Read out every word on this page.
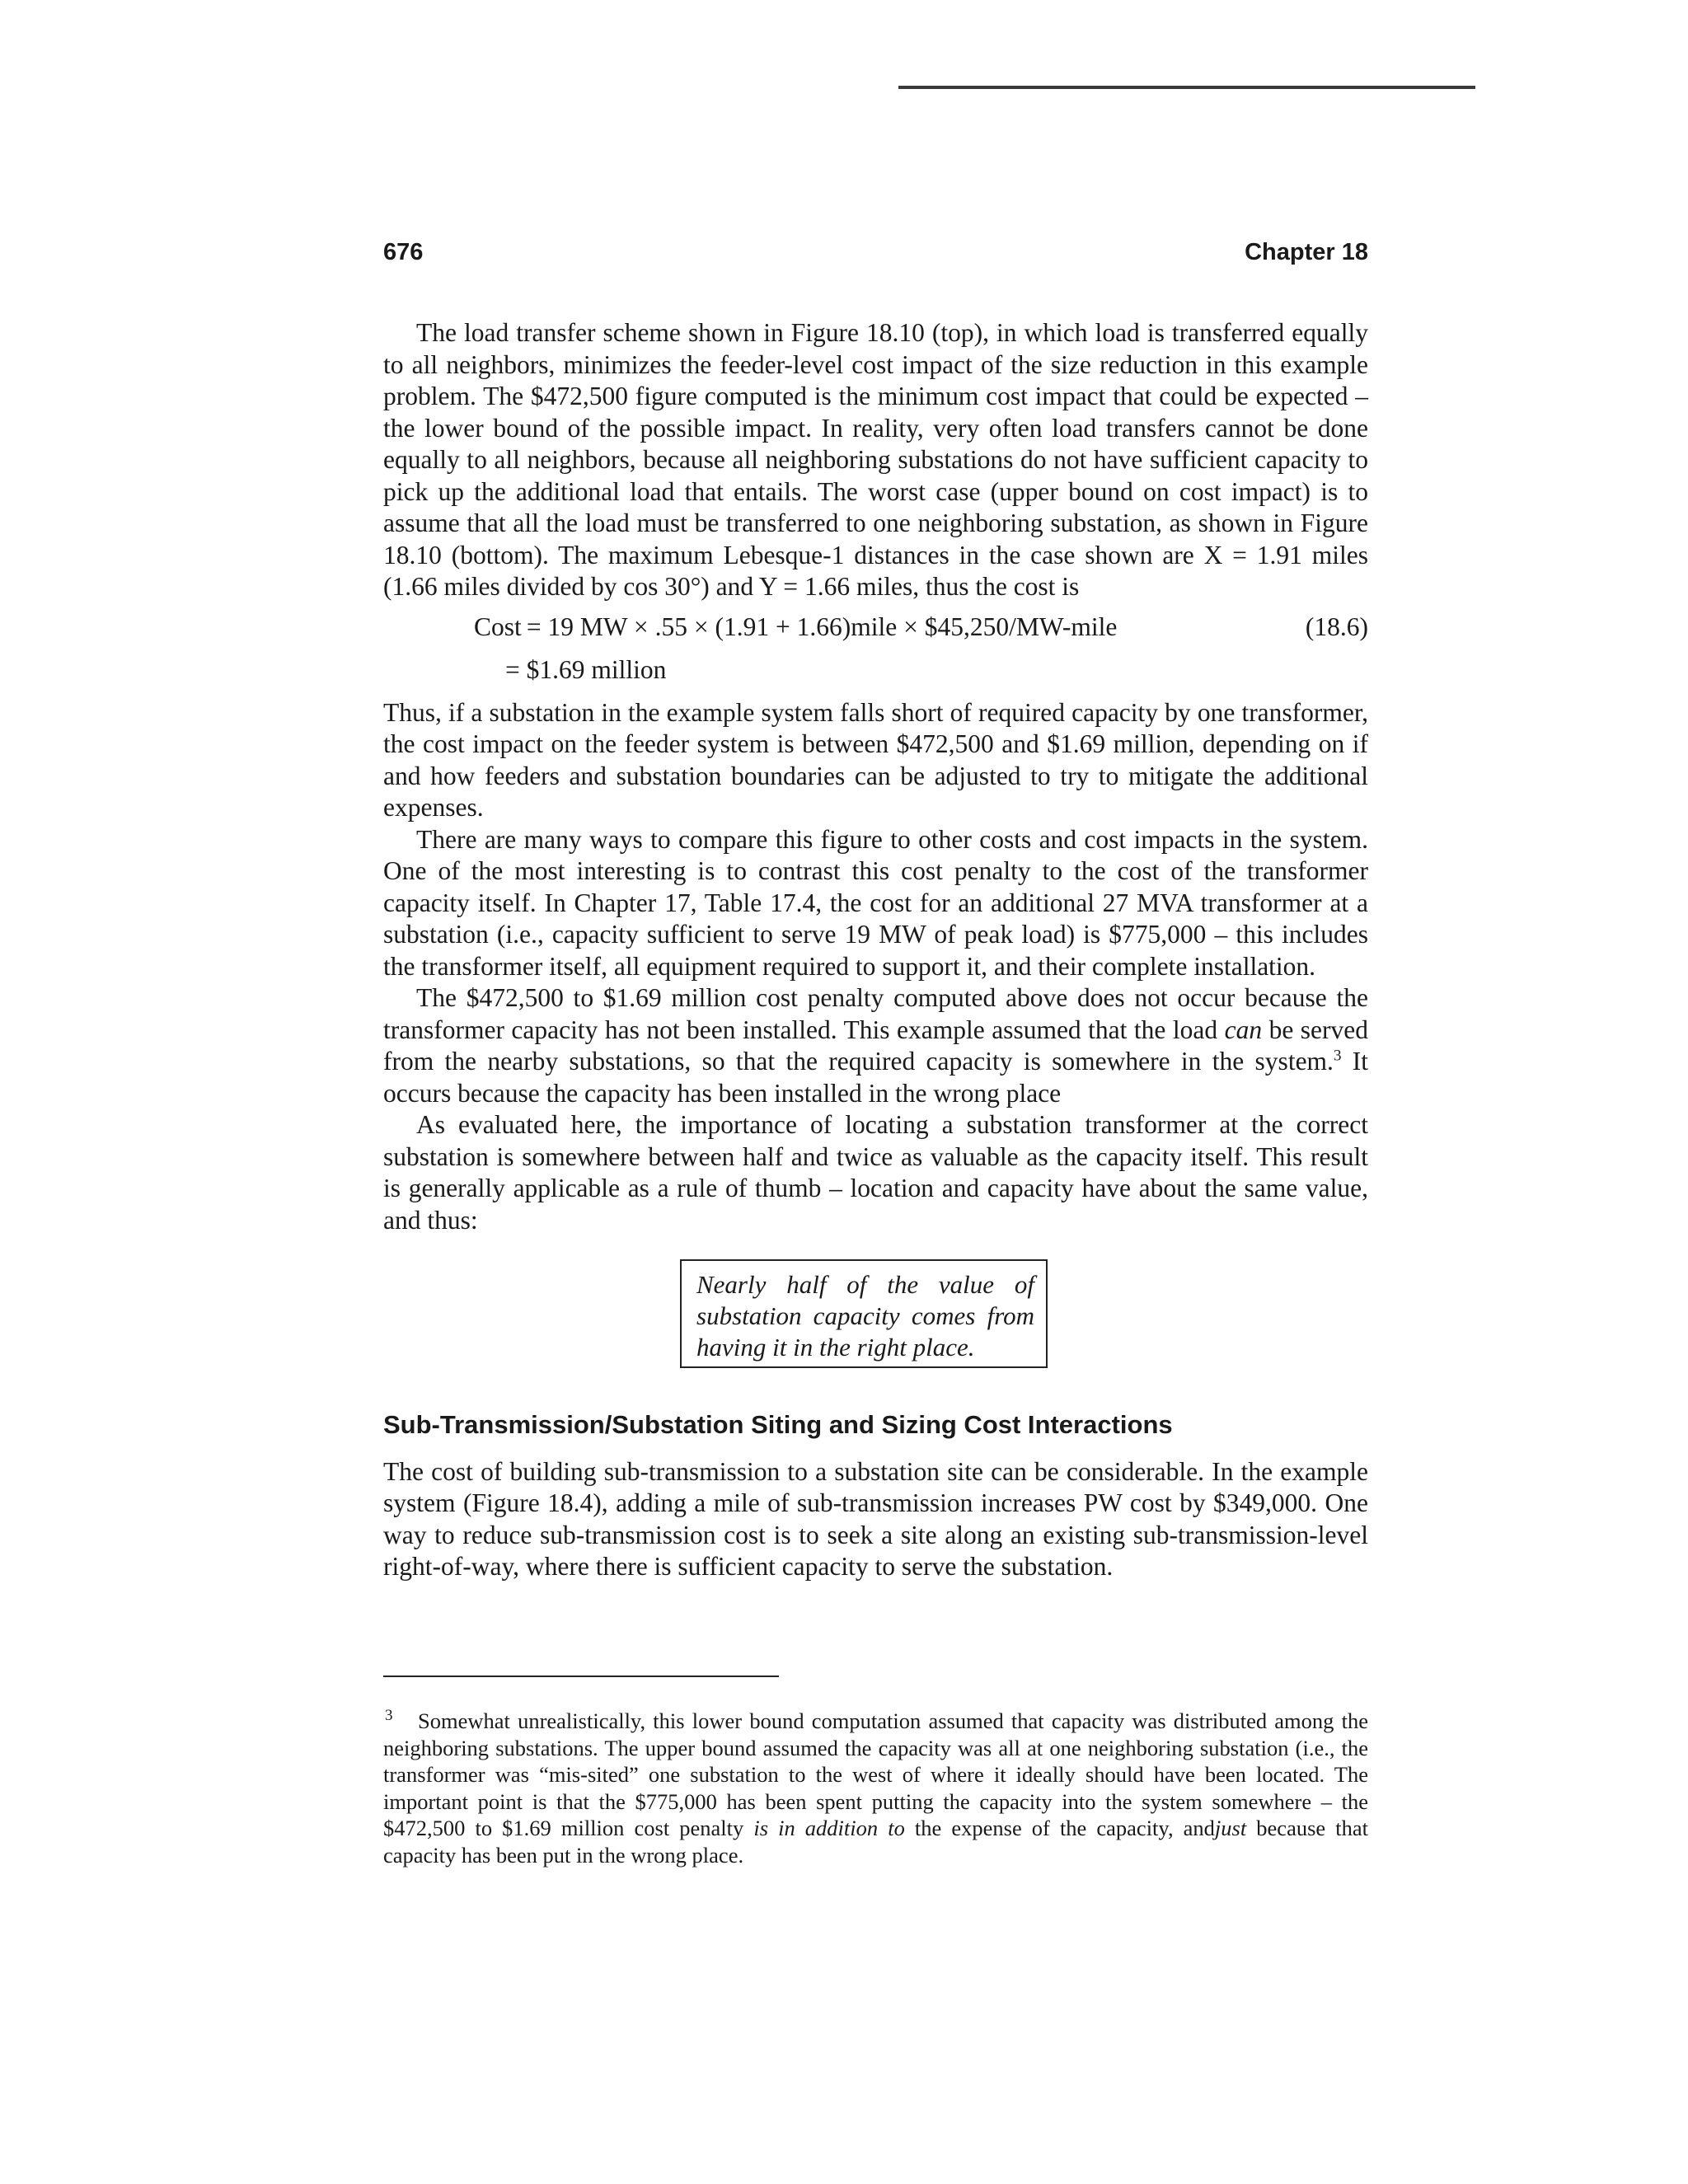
676	Chapter 18

The load transfer scheme shown in Figure 18.10 (top), in which load is transferred equally to all neighbors, minimizes the feeder-level cost impact of the size reduction in this example problem. The $472,500 figure computed is the minimum cost impact that could be expected – the lower bound of the possible impact. In reality, very often load transfers cannot be done equally to all neighbors, because all neighboring substations do not have sufficient capacity to pick up the additional load that entails. The worst case (upper bound on cost impact) is to assume that all the load must be transferred to one neighboring substation, as shown in Figure 18.10 (bottom). The maximum Lebesque-1 distances in the case shown are X = 1.91 miles (1.66 miles divided by cos 30°) and Y = 1.66 miles, thus the cost is

Cost = 19 MW × .55 × (1.91 + 1.66)mile × $45,250/MW-mile	(18.6)
= $1.69 million

Thus, if a substation in the example system falls short of required capacity by one transformer, the cost impact on the feeder system is between $472,500 and $1.69 million, depending on if and how feeders and substation boundaries can be adjusted to try to mitigate the additional expenses.

There are many ways to compare this figure to other costs and cost impacts in the system. One of the most interesting is to contrast this cost penalty to the cost of the transformer capacity itself. In Chapter 17, Table 17.4, the cost for an additional 27 MVA transformer at a substation (i.e., capacity sufficient to serve 19 MW of peak load) is $775,000 – this includes the transformer itself, all equipment required to support it, and their complete installation.

The $472,500 to $1.69 million cost penalty computed above does not occur because the transformer capacity has not been installed. This example assumed that the load can be served from the nearby substations, so that the required capacity is somewhere in the system.$^3$ It occurs because the capacity has been installed in the wrong place

As evaluated here, the importance of locating a substation transformer at the correct substation is somewhere between half and twice as valuable as the capacity itself. This result is generally applicable as a rule of thumb – location and capacity have about the same value, and thus:

Nearly half of the value of substation capacity comes from having it in the right place.
Sub-Transmission/Substation Siting and Sizing Cost Interactions

The cost of building sub-transmission to a substation site can be considerable. In the example system (Figure 18.4), adding a mile of sub-transmission increases PW cost by $349,000. One way to reduce sub-transmission cost is to seek a site along an existing sub-transmission-level right-of-way, where there is sufficient capacity to serve the substation.

3	Somewhat unrealistically, this lower bound computation assumed that capacity was distributed among the neighboring substations. The upper bound assumed the capacity was all at one neighboring substation (i.e., the transformer was “mis-sited” one substation to the west of where it ideally should have been located. The important point is that the $775,000 has been spent putting the capacity into the system somewhere – the $472,500 to $1.69 million cost penalty is in addition to the expense of the capacity, andjust because that capacity has been put in the wrong place.
